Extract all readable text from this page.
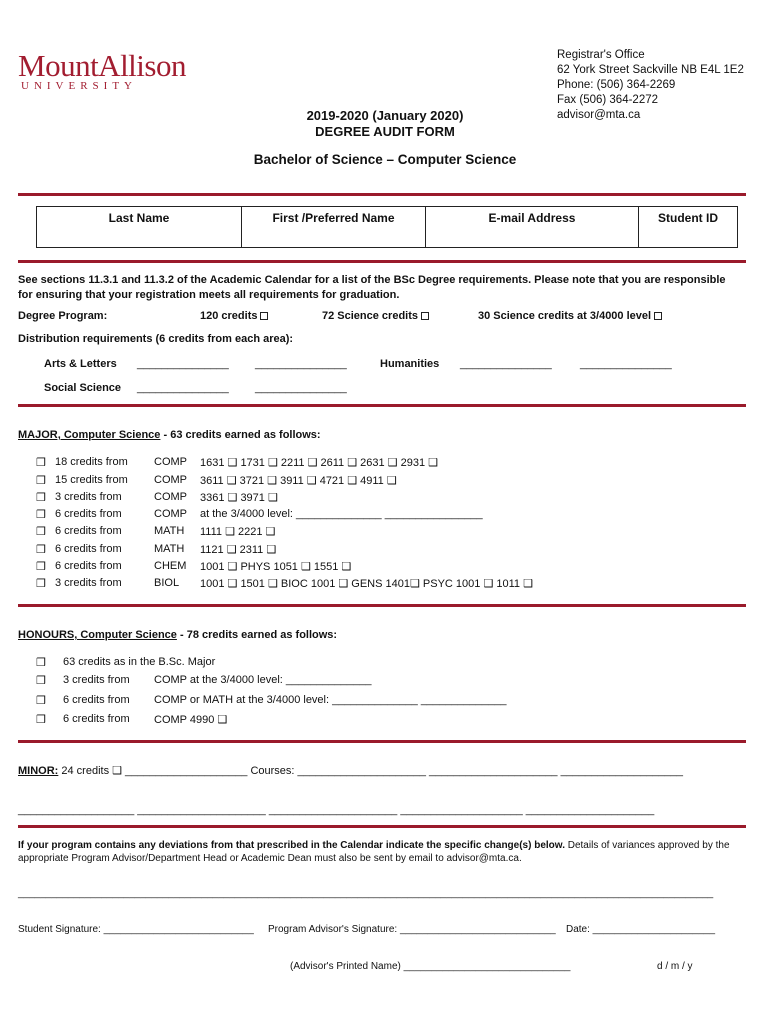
MountAllison
UNIVERSITY
Registrar's Office
62 York Street Sackville NB E4L 1E2
Phone: (506) 364-2269
Fax (506) 364-2272
advisor@mta.ca
2019-2020 (January 2020)
DEGREE AUDIT FORM
Bachelor of Science – Computer Science
Last Name	First /Preferred Name	E-mail Address	Student ID
See sections 11.3.1 and 11.3.2 of the Academic Calendar for a list of the BSc Degree requirements. Please note that you are responsible
for ensuring that your registration meets all requirements for graduation.
Degree Program:	120 credits	72 Science credits	30 Science credits at 3/4000 level
Distribution requirements (6 credits from each area):
Arts & Letters _______________ _______________	Humanities _______________	_______________
Social Science _______________ _______________
MAJOR, Computer Science - 63 credits earned as follows:
❒ 18 credits from COMP 1631 ❑ 1731 ❑ 2211 ❑ 2611 ❑ 2631 ❑ 2931 ❑
❒ 15 credits from COMP 3611 ❑ 3721 ❑ 3911 ❑ 4721 ❑ 4911 ❑
❒ 3 credits from	COMP 3361 ❑ 3971 ❑
❒ 6 credits from	COMP at the 3/4000 level: ______________ ________________
❒ 6 credits from	MATH 1111 ❑ 2221 ❑
❒ 6 credits from	MATH 1121 ❑ 2311 ❑
❒ 6 credits from	CHEM 1001 ❑ PHYS 1051 ❑ 1551 ❑
❒ 3 credits from	BIOL 1001 ❑ 1501 ❑ BIOC 1001 ❑ GENS 1401❑ PSYC 1001 ❑ 1011 ❑
HONOURS, Computer Science - 78 credits earned as follows:
❒ 63 credits as in the B.Sc. Major
❒ 3 credits from COMP at the 3/4000 level: ______________
❒ 6 credits from COMP or MATH at the 3/4000 level: ______________ ______________
❒ 6 credits from COMP 4990 ❑
MINOR: 24 credits ❑ ____________________ Courses: _____________________ _____________________ ____________________
___________________ _____________________ _____________________ ____________________ _____________________
If your program contains any deviations from that prescribed in the Calendar indicate the specific change(s) below. Details of variances approved by the
appropriate Program Advisor/Department Head or Academic Dean must also be sent by email to advisor@mta.ca.
_____________________________________________________________________________________________________________________________
Student Signature: ___________________________ Program Advisor's Signature: ____________________________ Date: ______________________
(Advisor's Printed Name) ______________________________	d / m / y
